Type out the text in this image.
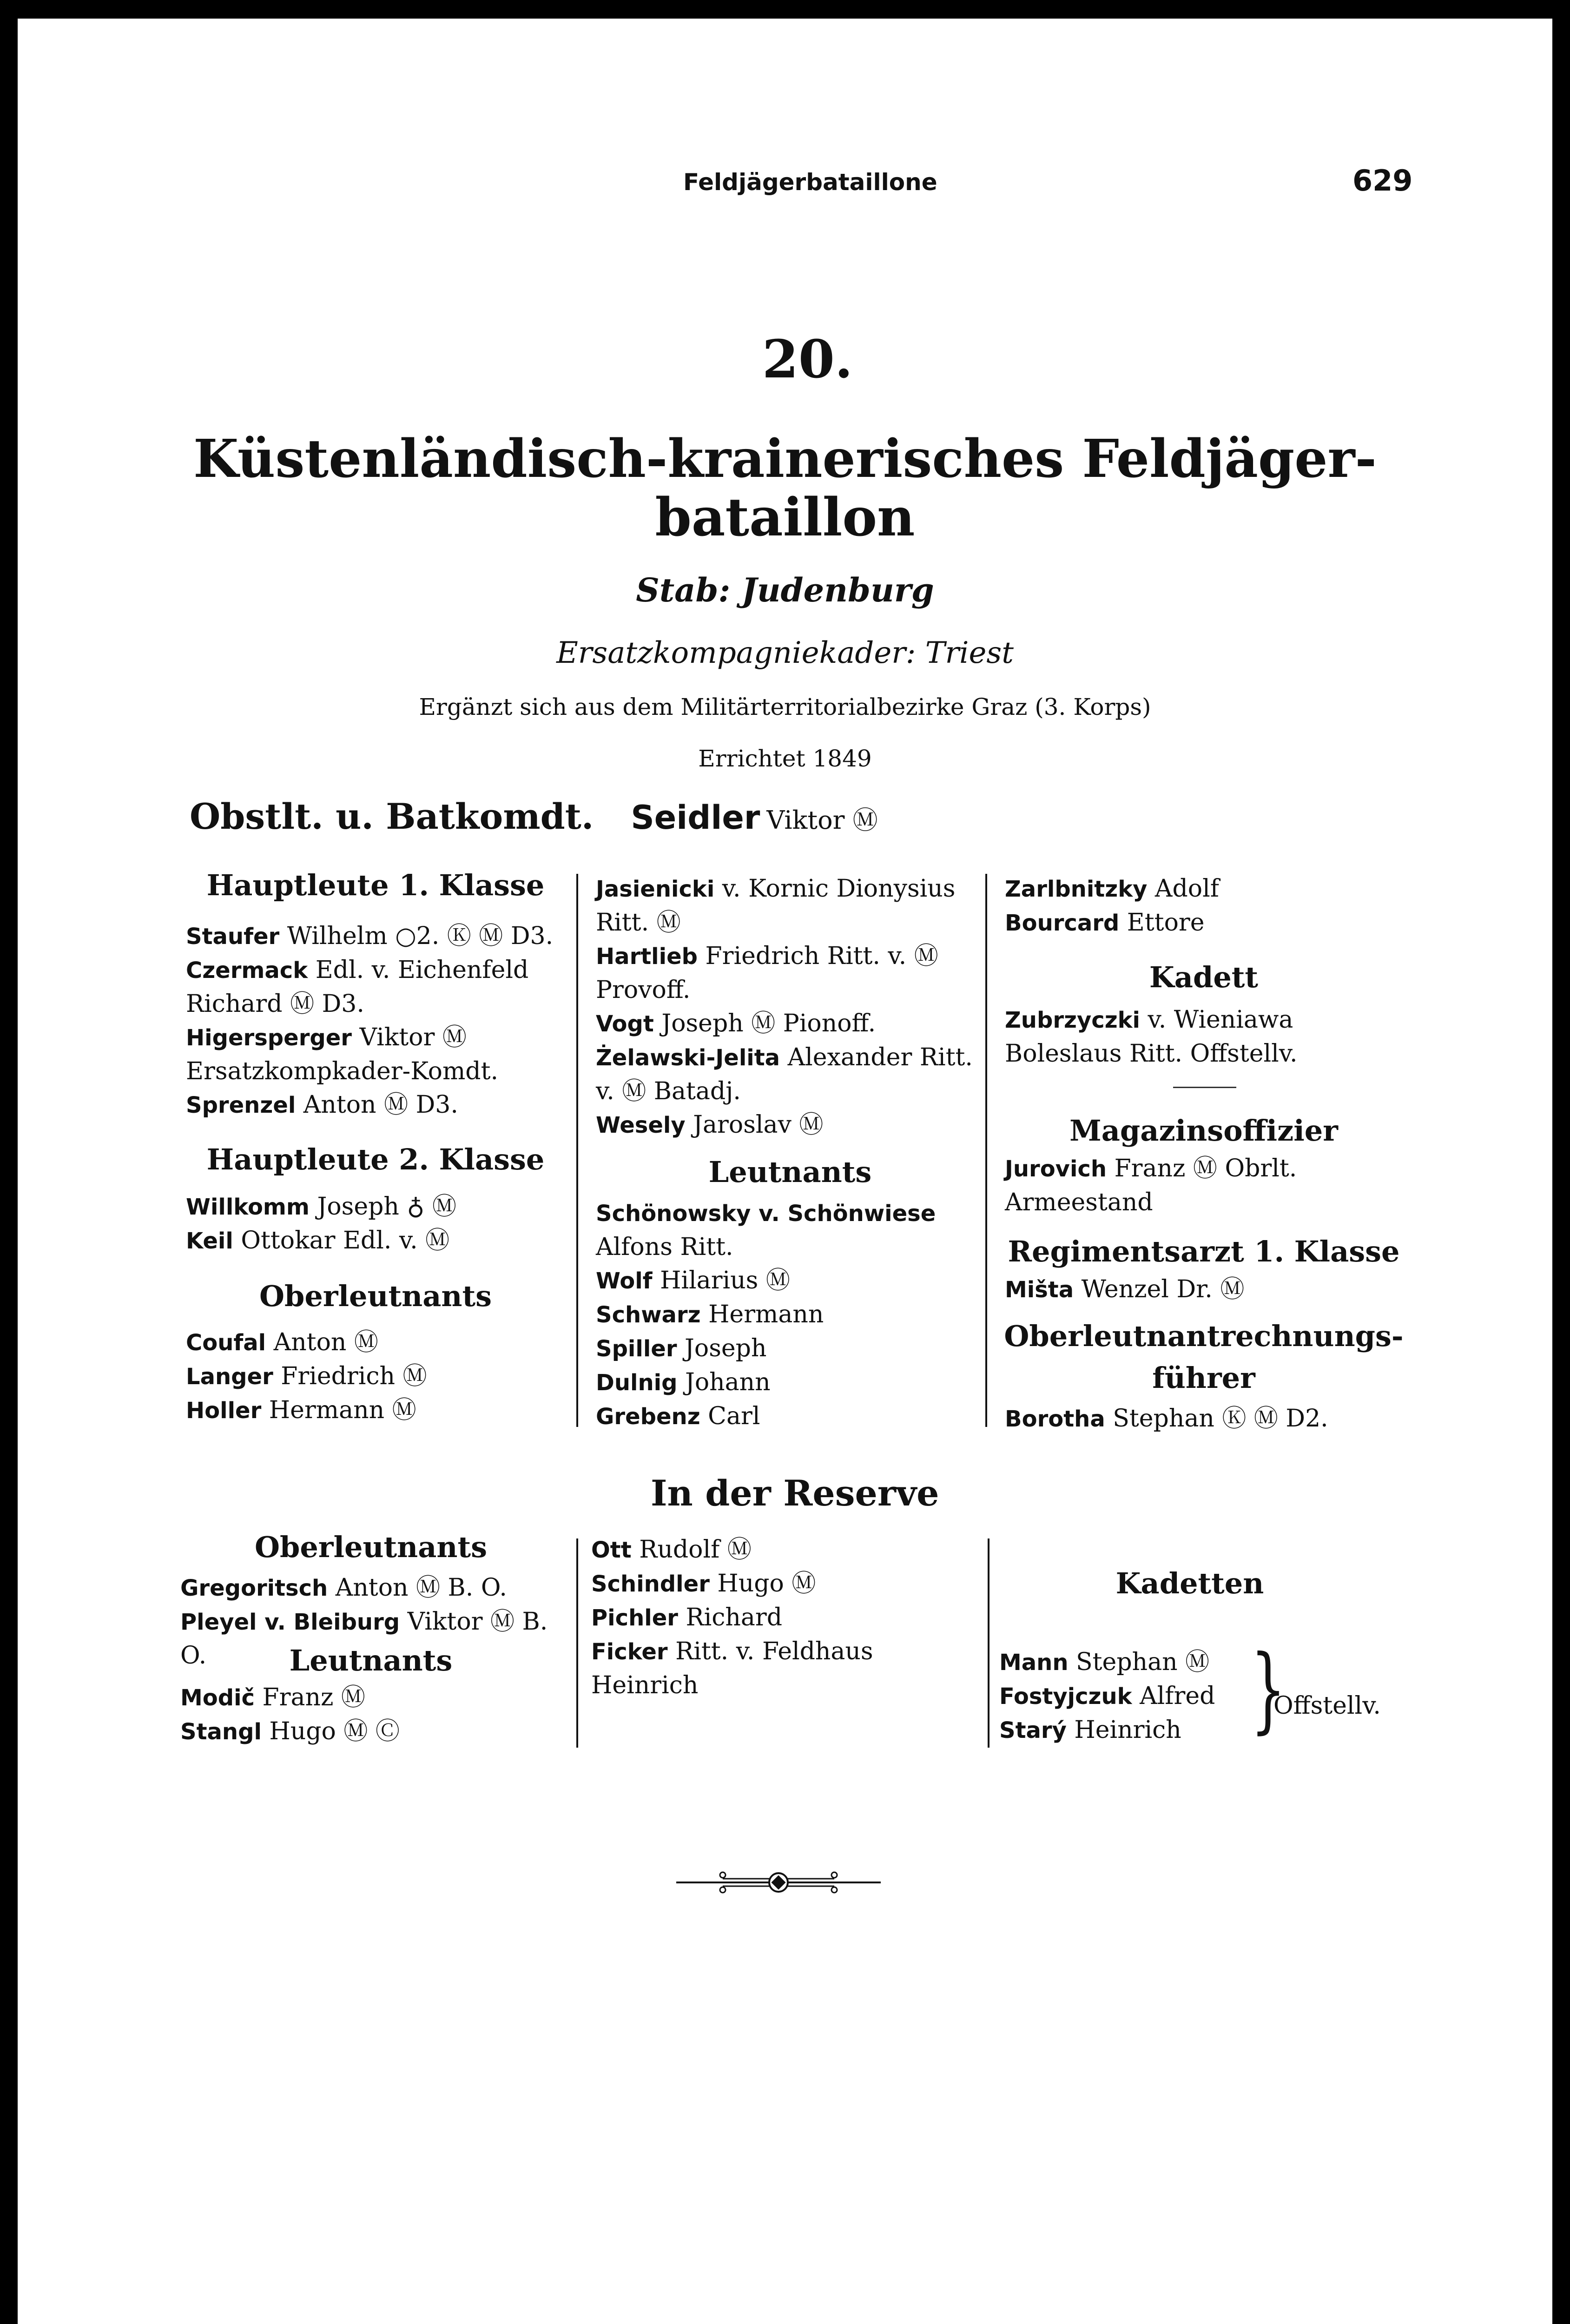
Feldjägerbataillone	629
20.
Küstenländisch-krainerisches Feldjäger-
bataillon
Stab: Judenburg
Ersatzkompagniekader: Triest
Ergänzt sich aus dem Militärterritorialbezirke Graz (3. Korps)
Errichtet 1849
Obstlt. u. Batkomdt. Seidler Viktor Ⓜ
Hauptleute 1. Klasse
Staufer Wilhelm ○2. Ⓚ Ⓜ D3.
Czermack Edl. v. Eichenfeld Richard Ⓜ D3.
Higersperger Viktor Ⓜ Ersatzkompkader-Komdt.
Sprenzel Anton Ⓜ D3.
Hauptleute 2. Klasse
Willkomm Joseph ♁ Ⓜ
Keil Ottokar Edl. v. Ⓜ
Oberleutnants
Coufal Anton Ⓜ
Langer Friedrich Ⓜ
Holler Hermann Ⓜ
Jasienicki v. Kornic Dionysius Ritt. Ⓜ
Hartlieb Friedrich Ritt. v. Ⓜ Provoff.
Vogt Joseph Ⓜ Pionoff.
Żelawski-Jelita Alexander Ritt. v. Ⓜ Batadj.
Wesely Jaroslav Ⓜ
Leutnants
Schönowsky v. Schönwiese Alfons Ritt.
Wolf Hilarius Ⓜ
Schwarz Hermann
Spiller Joseph
Dulnig Johann
Grebenz Carl
Zarlbnitzky Adolf
Bourcard Ettore
Kadett
Zubrzyczki v. Wieniawa Boleslaus Ritt. Offstellv.
Magazinsoffizier
Jurovich Franz Ⓜ Obrlt. Armeestand
Regimentsarzt 1. Klasse
Mišta Wenzel Dr. Ⓜ
Oberleutnantrechnungs-
führer
Borotha Stephan Ⓚ Ⓜ D2.
In der Reserve
Oberleutnants
Gregoritsch Anton Ⓜ B. O.
Pleyel v. Bleiburg Viktor Ⓜ B. O.	Leutnants
Modič Franz Ⓜ
Stangl Hugo Ⓜ Ⓒ
Ott Rudolf Ⓜ
Schindler Hugo Ⓜ
Pichler Richard
Ficker Ritt. v. Feldhaus Heinrich
Kadetten
Mann Stephan Ⓜ
Fostyjczuk Alfred
Starý Heinrich }
Offstellv.
